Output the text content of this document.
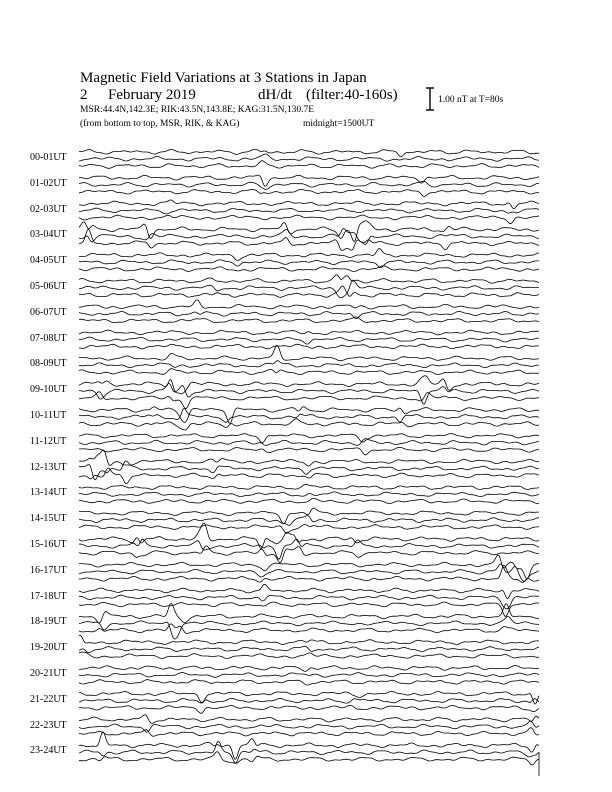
Magnetic Field Variations at 3 Stations in Japan
2 February 2019	dH/dt (filter:40-160s)
MSR:44.4N,142.3E; RIK:43.5N,143.8E; KAG:31.5N,130.7E
(from bottom to top, MSR, RIK, & KAG)	midnight=1500UT
1.00 nT at T=80s
00-01UT
01-02UT
02-03UT
03-04UT
04-05UT
05-06UT
06-07UT
07-08UT
08-09UT
09-10UT
10-11UT
11-12UT
12-13UT
13-14UT
14-15UT
15-16UT
16-17UT
17-18UT
18-19UT
19-20UT
20-21UT
21-22UT
22-23UT
23-24UT
